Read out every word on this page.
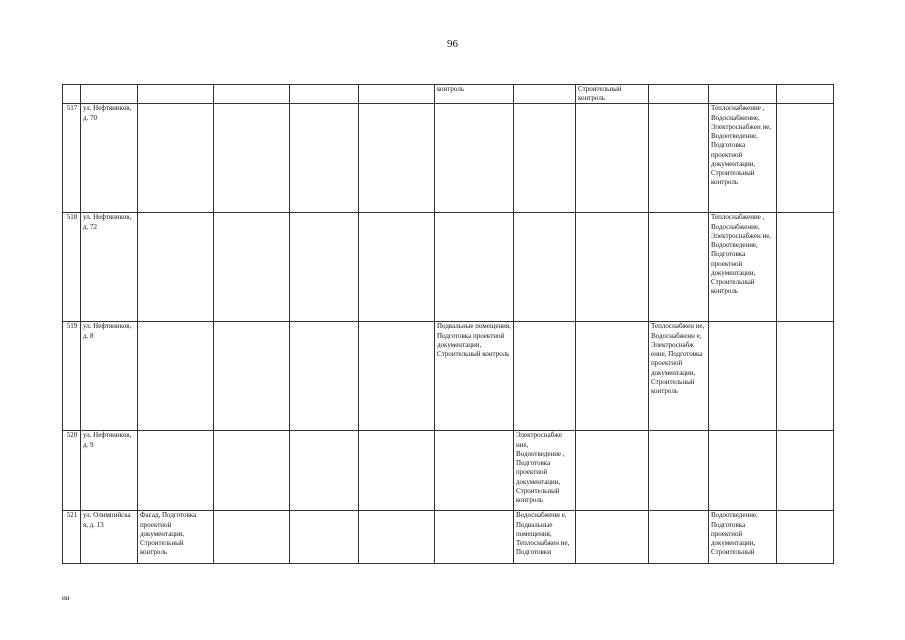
96
						контроль		Строительный контроль			
517	ул. Нефтяников, д. 70									Теплоснабжение , Водоснабжение, Электроснабжен ие, Водоотведение, Подготовка проектной документации, Строительный контроль	
518	ул. Нефтяников, д. 72									Теплоснабжение , Водоснабжение, Электроснабжен ие, Водоотведение, Подготовка проектной документации, Строительный контроль	
519	ул. Нефтяников, д. 8					Подвальные помещения, Подготовка проектной документации, Строительный контроль			Теплоснабжен ие, Водоснабженн е, Электроснабж ение, Подготовка проектной документации, Строительный контроль		
520	ул. Нефтяников, д. 9						Электроснабже ние, Водоотведение , Подготовка проектной документации, Строительный контроль				
521	ул. Олимпийска я, д. 13	Фасад, Подготовка проектной документации, Строительный контроль					Водоснабжени е, Подвальные помещения, Теплоснабжен ие, Подготовки			Водоотведение, Подготовка проектной документации, Строительный	
ии
